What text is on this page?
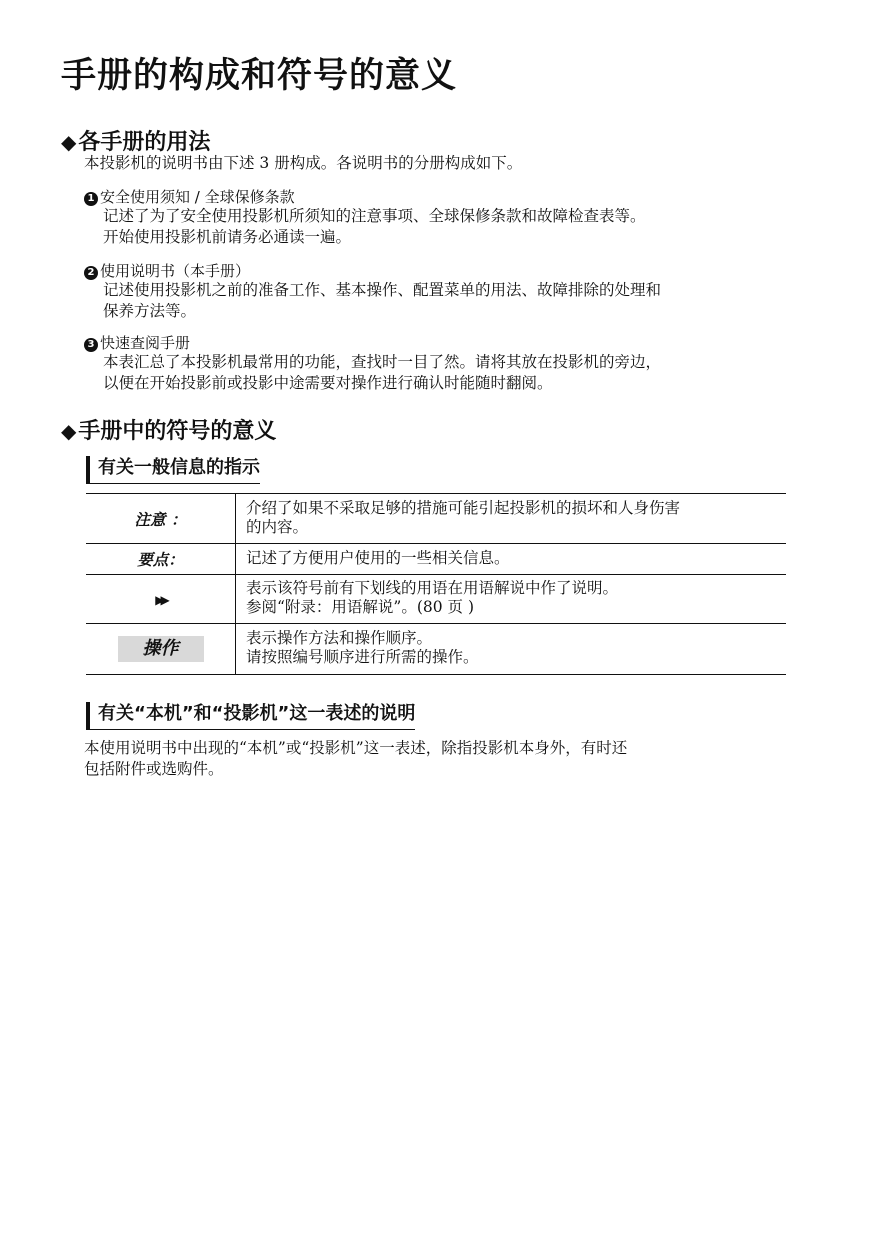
手册的构成和符号的意义
◆各手册的用法
本投影机的说明书由下述 3 册构成。各说明书的分册构成如下。
1 安全使用须知 / 全球保修条款
记述了为了安全使用投影机所须知的注意事项、全球保修条款和故障检查表等。
开始使用投影机前请务必通读一遍。
2 使用说明书（本手册）
记述使用投影机之前的准备工作、基本操作、配置菜单的用法、故障排除的处理和
保养方法等。
3 快速查阅手册
本表汇总了本投影机最常用的功能，查找时一目了然。请将其放在投影机的旁边，
以便在开始投影前或投影中途需要对操作进行确认时能随时翻阅。
◆手册中的符号的意义
有关一般信息的指示
注意 ：	介绍了如果不采取足够的措施可能引起投影机的损坏和人身伤害
的内容。

要点：	记述了方便用户使用的一些相关信息。

▶▶	表示该符号前有下划线的用语在用语解说中作了说明。
参阅“附录：用语解说”。(80 页 )

操作	表示操作方法和操作顺序。
请按照编号顺序进行所需的操作。
有关“本机”和“投影机”这一表述的说明
本使用说明书中出现的“本机”或“投影机”这一表述，除指投影机本身外，有时还
包括附件或选购件。
